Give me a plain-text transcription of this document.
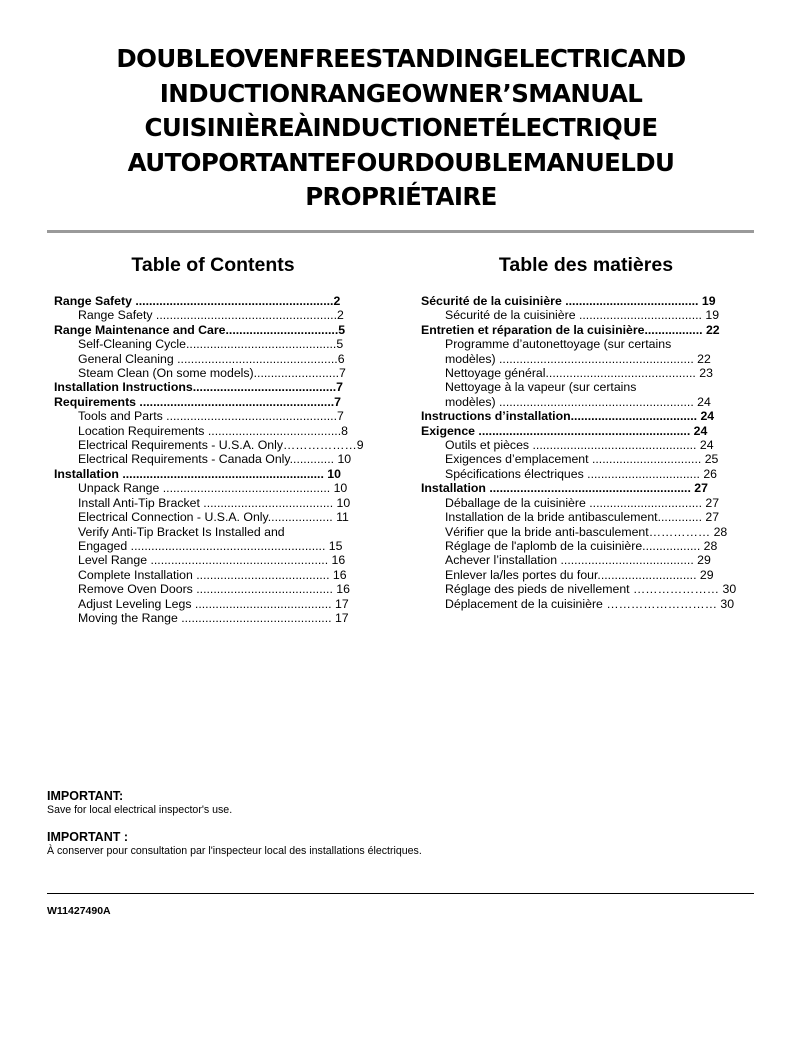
DOUBLEOVENFREESTANDINGELECTRICAND
INDUCTIONRANGEOWNER’SMANUAL
CUISINIÈREÀINDUCTIONETÉLECTRIQUE
AUTOPORTANTEFOURDOUBLEMANUELDU
PROPRIÉTAIRE
Table of Contents
Range Safety ..........................................................2
Range Safety .....................................................2
Range Maintenance and Care.................................5
Self-Cleaning Cycle............................................5
General Cleaning ...............................................6
Steam Clean (On some models).........................7
Installation Instructions..........................................7
Requirements .........................................................7
Tools and Parts ..................................................7
Location Requirements .......................................8
Electrical Requirements - U.S.A. Only………………9
Electrical Requirements - Canada Only............. 10
Installation ........................................................... 10
Unpack Range ................................................. 10
Install Anti-Tip Bracket ...................................... 10
Electrical Connection - U.S.A. Only................... 11
Verify Anti-Tip Bracket Is Installed and
Engaged ......................................................... 15
Level Range .................................................... 16
Complete Installation ....................................... 16
Remove Oven Doors ........................................ 16
Adjust Leveling Legs ........................................ 17
Moving the Range ............................................ 17
Table des matières
Sécurité de la cuisinière ....................................... 19
Sécurité de la cuisinière .................................... 19
Entretien et réparation de la cuisinière................. 22
Programme d’autonettoyage (sur certains
modèles) ......................................................... 22
Nettoyage général............................................ 23
Nettoyage à la vapeur (sur certains
modèles) ......................................................... 24
Instructions d’installation..................................... 24
Exigence .............................................................. 24
Outils et pièces ................................................ 24
Exigences d’emplacement ................................ 25
Spécifications électriques ................................. 26
Installation ........................................................... 27
Déballage de la cuisinière ................................. 27
Installation de la bride antibasculement............. 27
Vérifier que la bride anti-basculement…………… 28
Réglage de l'aplomb de la cuisinière................. 28
Achever l’installation ....................................... 29
Enlever la/les portes du four............................. 29
Réglage des pieds de nivellement ………………… 30
Déplacement de la cuisinière ……………………… 30
IMPORTANT:
Save for local electrical inspector's use.
IMPORTANT :
À conserver pour consultation par l'inspecteur local des installations électriques.
W11427490A
